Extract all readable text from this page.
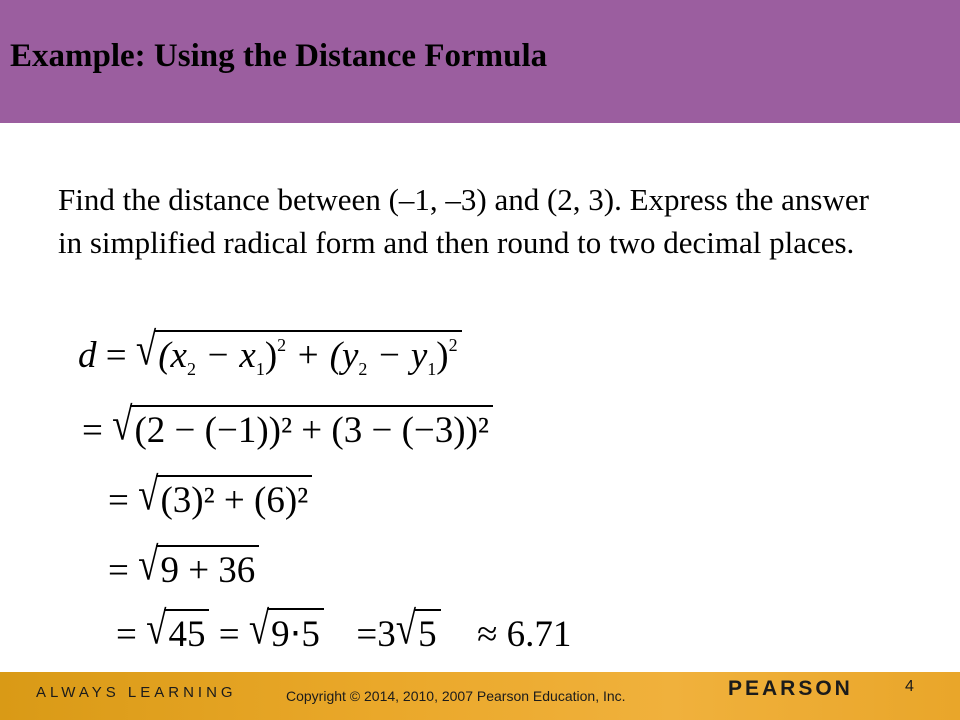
Example: Using the Distance Formula
Find the distance between (–1, –3) and (2, 3). Express the answer in simplified radical form and then round to two decimal places.
$d = √(x_2 - x_1)^2 + (y_2 - y_1)^2$
= √(2 − (−1))² + (3 − (−3))²
= √(3)² + (6)²
= √9 + 36
= √45 = √9⋅5 =3√5 ≈ 6.71
ALWAYS LEARNING	Copyright © 2014, 2010, 2007 Pearson Education, Inc.	PEARSON	4
